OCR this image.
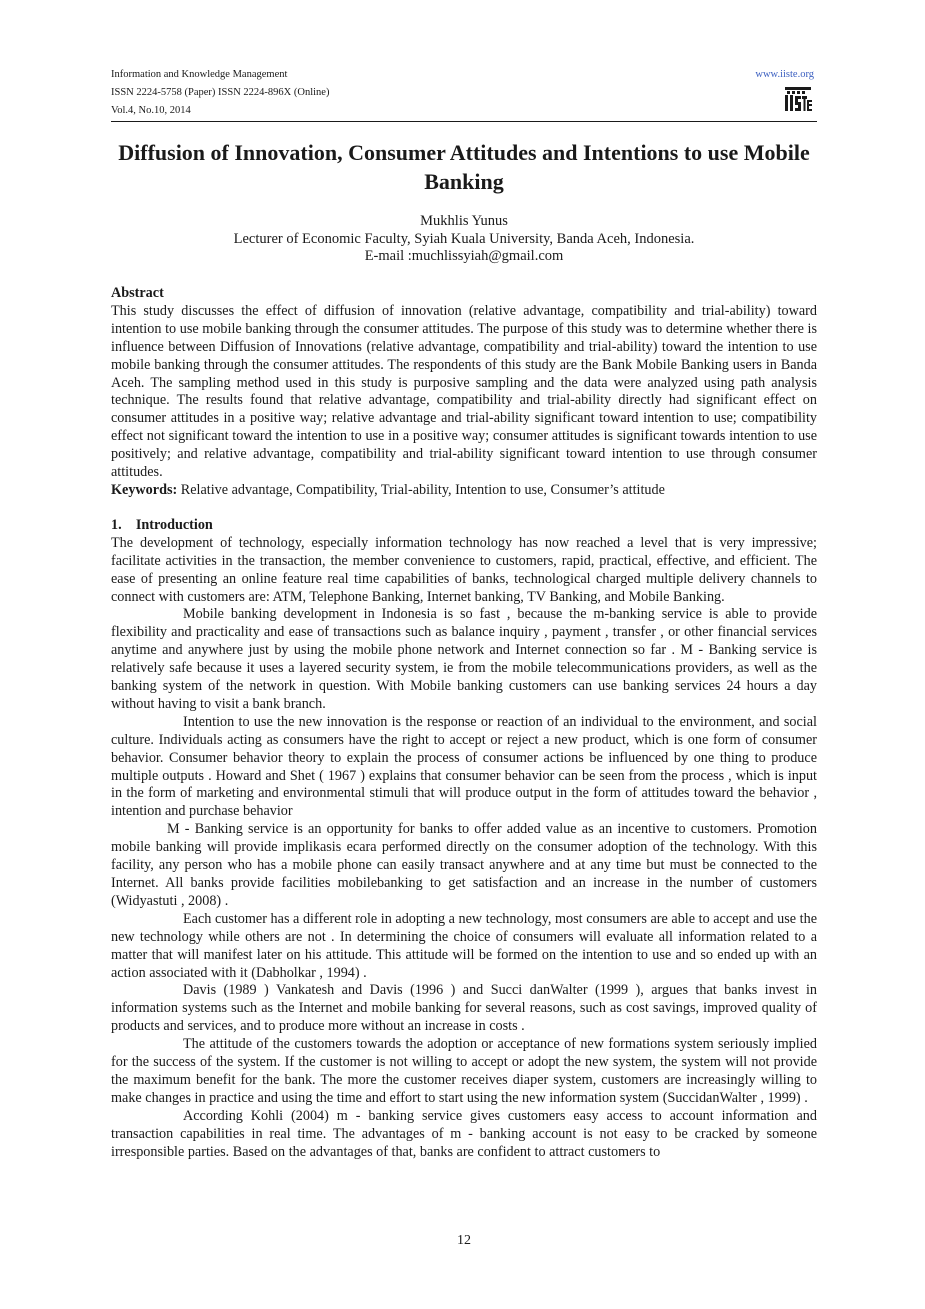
Information and Knowledge Management
ISSN 2224-5758 (Paper) ISSN 2224-896X (Online)
Vol.4, No.10, 2014
www.iiste.org
Diffusion of Innovation, Consumer Attitudes and Intentions to use Mobile Banking
Mukhlis Yunus
Lecturer of Economic Faculty, Syiah Kuala University, Banda Aceh, Indonesia.
E-mail :muchlissyiah@gmail.com

Abstract

This study discusses the effect of diffusion of innovation (relative advantage, compatibility and trial-ability) toward intention to use mobile banking through the consumer attitudes. The purpose of this study was to determine whether there is influence between Diffusion of Innovations (relative advantage, compatibility and trial-ability) toward the intention to use mobile banking through the consumer attitudes. The respondents of this study are the Bank Mobile Banking users in Banda Aceh. The sampling method used in this study is purposive sampling and the data were analyzed using path analysis technique. The results found that relative advantage, compatibility and trial-ability directly had significant effect on consumer attitudes in a positive way; relative advantage and trial-ability significant toward intention to use; compatibility effect not significant toward the intention to use in a positive way; consumer attitudes is significant towards intention to use positively; and relative advantage, compatibility and trial-ability significant toward intention to use through consumer attitudes.

Keywords: Relative advantage, Compatibility, Trial-ability, Intention to use, Consumer’s attitude

1.    Introduction

The development of technology, especially information technology has now reached a level that is very impressive; facilitate activities in the transaction, the member convenience to customers, rapid, practical, effective, and efficient. The ease of presenting an online feature real time capabilities of banks, technological charged multiple delivery channels to connect with customers are: ATM, Telephone Banking, Internet banking, TV Banking, and Mobile Banking.

Mobile banking development in Indonesia is so fast , because the m-banking service is able to provide flexibility and practicality and ease of transactions such as balance inquiry , payment , transfer , or other financial services anytime and anywhere just by using the mobile phone network and Internet connection so far . M - Banking service is relatively safe because it uses a layered security system, ie from the mobile telecommunications providers, as well as the banking system of the network in question. With Mobile banking customers can use banking services 24 hours a day without having to visit a bank branch.

Intention to use the new innovation is the response or reaction of an individual to the environment, and social culture. Individuals acting as consumers have the right to accept or reject a new product, which is one form of consumer behavior. Consumer behavior theory to explain the process of consumer actions be influenced by one thing to produce multiple outputs . Howard and Shet ( 1967 ) explains that consumer behavior can be seen from the process , which is input in the form of marketing and environmental stimuli that will produce output in the form of attitudes toward the behavior , intention and purchase behavior

M - Banking service is an opportunity for banks to offer added value as an incentive to customers. Promotion mobile banking will provide implikasis ecara performed directly on the consumer adoption of the technology. With this facility, any person who has a mobile phone can easily transact anywhere and at any time but must be connected to the Internet. All banks provide facilities mobilebanking to get satisfaction and an increase in the number of customers (Widyastuti , 2008) .

Each customer has a different role in adopting a new technology, most consumers are able to accept and use the new technology while others are not . In determining the choice of consumers will evaluate all information related to a matter that will manifest later on his attitude. This attitude will be formed on the intention to use and so ended up with an action associated with it (Dabholkar , 1994) .

Davis (1989 ) Vankatesh and Davis (1996 ) and Succi danWalter (1999 ), argues that banks invest in information systems such as the Internet and mobile banking for several reasons, such as cost savings, improved quality of products and services, and to produce more without an increase in costs .

The attitude of the customers towards the adoption or acceptance of new formations system seriously implied for the success of the system. If the customer is not willing to accept or adopt the new system, the system will not provide the maximum benefit for the bank. The more the customer receives diaper system, customers are increasingly willing to make changes in practice and using the time and effort to start using the new information system (SuccidanWalter , 1999) .

According Kohli (2004) m - banking service gives customers easy access to account information and transaction capabilities in real time. The advantages of m - banking account is not easy to be cracked by someone irresponsible parties. Based on the advantages of that, banks are confident to attract customers to

12
